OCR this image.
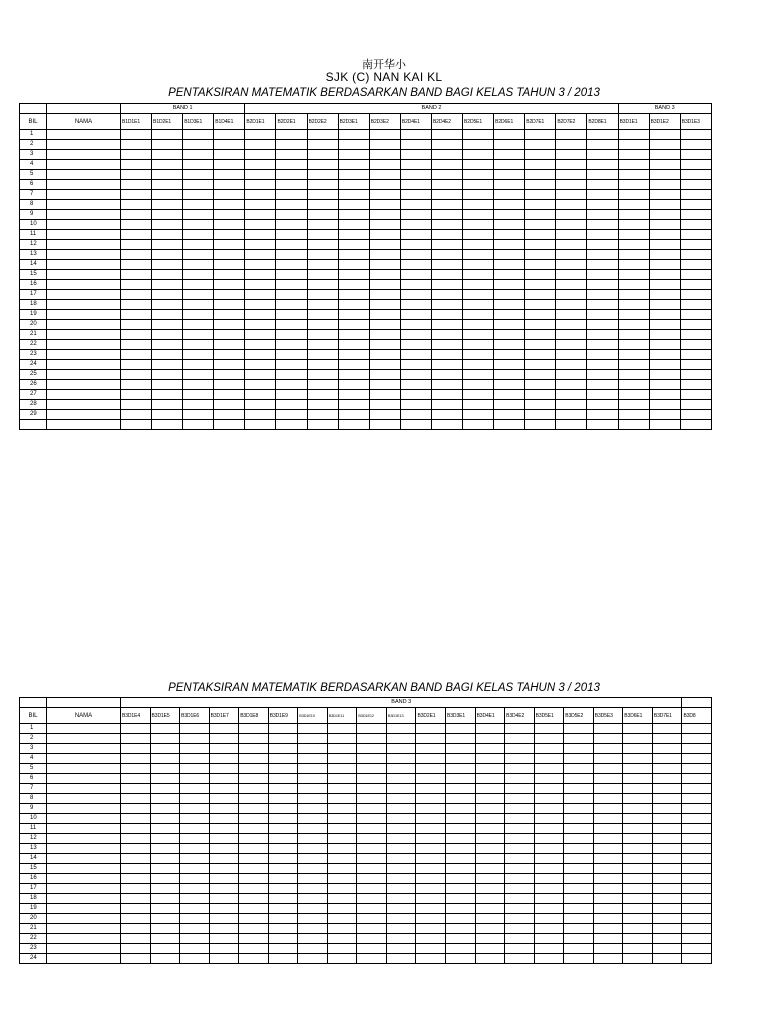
南开华小
SJK (C) NAN KAI KL
PENTAKSIRAN MATEMATIK BERDASARKAN BAND BAGI KELAS TAHUN 3 / 2013
PENTAKSIRAN MATEMATIK BERDASARKAN BAND BAGI KELAS TAHUN 3 / 2013
		BAND 1				BAND 2												BAND 3		
BIL	NAMA	B1D1E1	B1D2E1	B1D3E1	B1D4E1	B2D1E1	B2D2E1	B2D2E2	B2D3E1	B2D3E2	B2D4E1	B2D4E2	B2D5E1	B2D6E1	B2D7E1	B2D7E2	B2D8E1	B3D1E1	B3D1E2	B3D1E3
1																				
2																				
3																				
4																				
5																				
6																				
7																				
8																				
9																				
10																				
11																				
12																				
13																				
14																				
15																				
16																				
17																				
18																				
19																				
20																				
21																				
22																				
23																				
24																				
25																				
26																				
27																				
28																				
29																				

		BAND 3																			
BIL	NAMA	B3D1E4	B3D1E5	B3D1E6	B3D1E7	B3D1E8	B3D1E9	B3D1E10	B3D1E11	B3D1E12	B3D1E13	B3D2E1	B3D3E1	B3D4E1	B3D4E2	B3D5E1	B3D5E2	B3D5E3	B3D6E1	B3D7E1	B3D8
1																					
2																					
3																					
4																					
5																					
6																					
7																					
8																					
9																					
10																					
11																					
12																					
13																					
14																					
15																					
16																					
17																					
18																					
19																					
20																					
21																					
22																					
23																					
24																					
